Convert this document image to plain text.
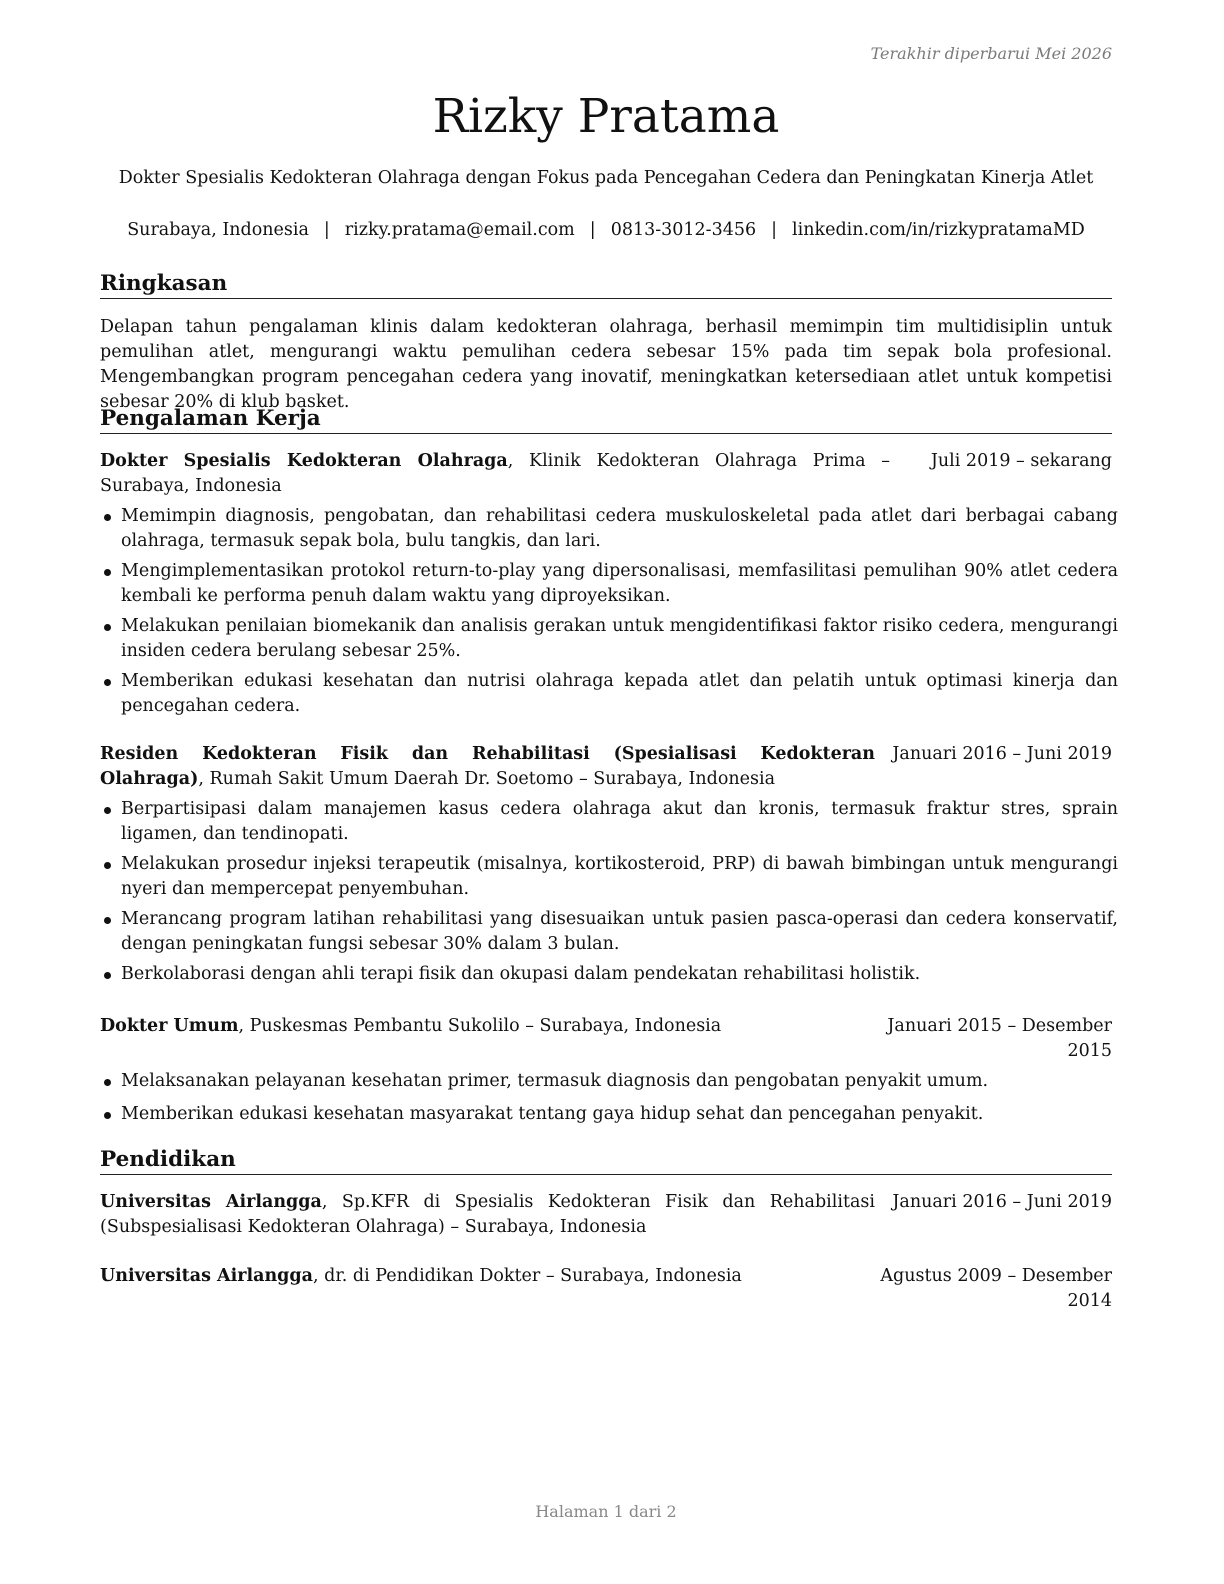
Terakhir diperbarui Mei 2026
Rizky Pratama
Dokter Spesialis Kedokteran Olahraga dengan Fokus pada Pencegahan Cedera dan Peningkatan Kinerja Atlet
Surabaya, Indonesia | rizky.pratama@email.com | 0813-3012-3456 | linkedin.com/in/rizkypratamaMD
Ringkasan
Delapan tahun pengalaman klinis dalam kedokteran olahraga, berhasil memimpin tim multidisiplin untuk pemulihan atlet, mengurangi waktu pemulihan cedera sebesar 15% pada tim sepak bola profesional. Mengembangkan program pencegahan cedera yang inovatif, meningkatkan ketersediaan atlet untuk kompetisi sebesar 20% di klub basket.
Pengalaman Kerja
Dokter Spesialis Kedokteran Olahraga, Klinik Kedokteran Olahraga Prima – Surabaya, Indonesia
Juli 2019 – sekarang
Memimpin diagnosis, pengobatan, dan rehabilitasi cedera muskuloskeletal pada atlet dari berbagai cabang olahraga, termasuk sepak bola, bulu tangkis, dan lari.
Mengimplementasikan protokol return-to-play yang dipersonalisasi, memfasilitasi pemulihan 90% atlet cedera kembali ke performa penuh dalam waktu yang diproyeksikan.
Melakukan penilaian biomekanik dan analisis gerakan untuk mengidentifikasi faktor risiko cedera, mengurangi insiden cedera berulang sebesar 25%.
Memberikan edukasi kesehatan dan nutrisi olahraga kepada atlet dan pelatih untuk optimasi kinerja dan pencegahan cedera.
Residen Kedokteran Fisik dan Rehabilitasi (Spesialisasi Kedokteran Olahraga), Rumah Sakit Umum Daerah Dr. Soetomo – Surabaya, Indonesia
Januari 2016 – Juni 2019
Berpartisipasi dalam manajemen kasus cedera olahraga akut dan kronis, termasuk fraktur stres, sprain ligamen, dan tendinopati.
Melakukan prosedur injeksi terapeutik (misalnya, kortikosteroid, PRP) di bawah bimbingan untuk mengurangi nyeri dan mempercepat penyembuhan.
Merancang program latihan rehabilitasi yang disesuaikan untuk pasien pasca-operasi dan cedera konservatif, dengan peningkatan fungsi sebesar 30% dalam 3 bulan.
Berkolaborasi dengan ahli terapi fisik dan okupasi dalam pendekatan rehabilitasi holistik.
Dokter Umum, Puskesmas Pembantu Sukolilo – Surabaya, Indonesia	Januari 2015 – Desember 2015
Melaksanakan pelayanan kesehatan primer, termasuk diagnosis dan pengobatan penyakit umum.
Memberikan edukasi kesehatan masyarakat tentang gaya hidup sehat dan pencegahan penyakit.
Pendidikan
Universitas Airlangga, Sp.KFR di Spesialis Kedokteran Fisik dan Rehabilitasi (Subspesialisasi Kedokteran Olahraga) – Surabaya, Indonesia
Januari 2016 – Juni 2019
Universitas Airlangga, dr. di Pendidikan Dokter – Surabaya, Indonesia	Agustus 2009 – Desember 2014
Halaman 1 dari 2
